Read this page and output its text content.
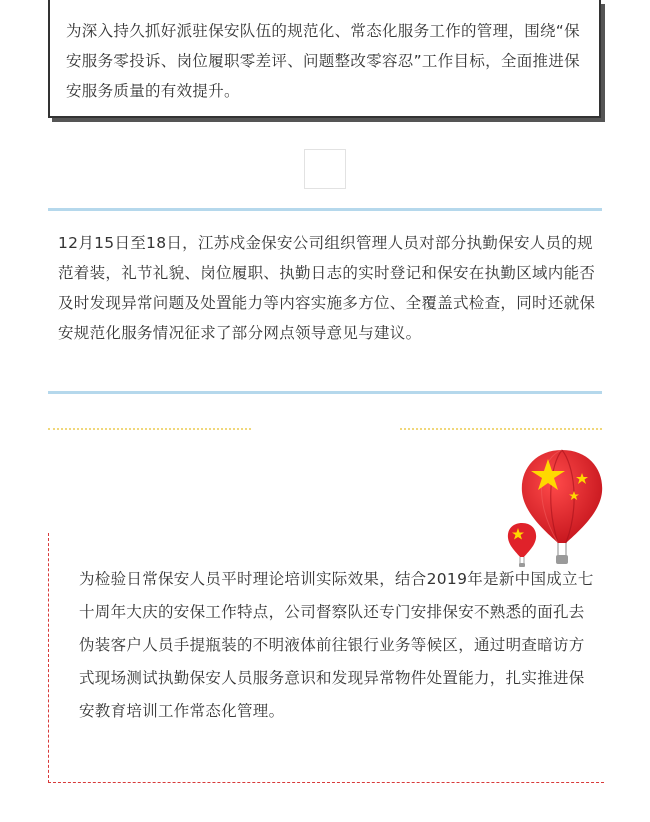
为深入持久抓好派驻保安队伍的规范化、常态化服务工作的管理，围绕“保安服务零投诉、岗位履职零差评、问题整改零容忍”工作目标，全面推进保安服务质量的有效提升。

12月15日至18日，江苏戍金保安公司组织管理人员对部分执勤保安人员的规范着装，礼节礼貌、岗位履职、执勤日志的实时登记和保安在执勤区域内能否及时发现异常问题及处置能力等内容实施多方位、全覆盖式检查，同时还就保安规范化服务情况征求了部分网点领导意见与建议。

为检验日常保安人员平时理论培训实际效果，结合2019年是新中国成立七十周年大庆的安保工作特点，公司督察队还专门安排保安不熟悉的面孔去伪装客户人员手提瓶装的不明液体前往银行业务等候区，通过明查暗访方式现场测试执勤保安人员服务意识和发现异常物件处置能力，扎实推进保安教育培训工作常态化管理。
